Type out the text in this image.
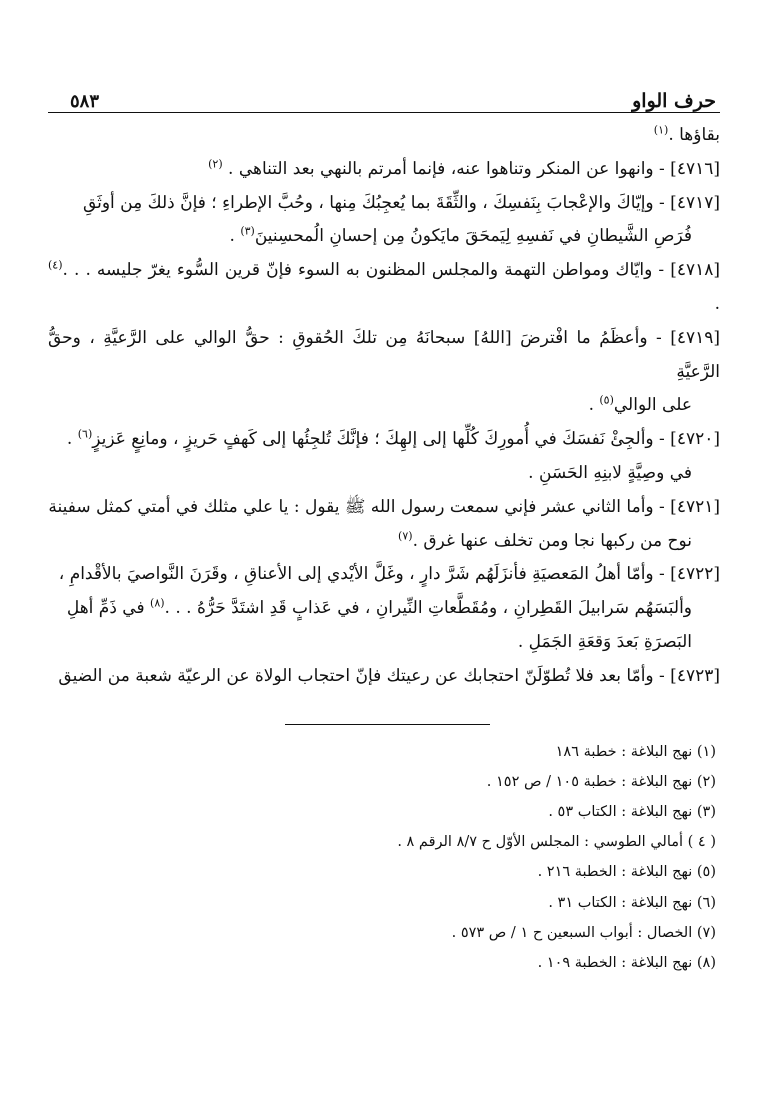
حرف الواو
٥٨٣

بقاؤها .$^{(١)}$

[٤٧١٦] - وانهوا عن المنكر وتناهوا عنه، فإنما أمرتم بالنهي بعد التناهي . $^{(٢)}$

[٤٧١٧] - وإيّاكَ والإعْجابَ بِنَفسِكَ ، والثِّقَةَ بما يُعجِبُكَ مِنها ، وحُبَّ الإطراءِ ؛ فإنَّ ذلكَ مِن أوثَقِ
فُرَصِ الشَّيطانِ في نَفسِهِ لِيَمحَقَ مايَكونُ مِن إحسانِ الُمحسِنينَ$^{(٣)}$ .

[٤٧١٨] - وايّاك ومواطن التهمة والمجلس المظنون به السوء فإنّ قرين السُّوء يغرّ جليسه . . .$^{(٤)}$ .

[٤٧١٩] - وأعظَمُ ما افْترضَ [اللهُ] سبحانَهُ مِن تلكَ الحُقوقِ : حقُّ الوالي على الرَّعيَّةِ ، وحقُّ الرَّعيَّةِ
على الوالي$^{(٥)}$ .

[٤٧٢٠] - وألجِئْ نَفسَكَ في أُمورِكَ كُلِّها إلى إلهِكَ ؛ فإنَّكَ تُلجِئُها إلى كَهفٍ حَريزٍ ، ومانِعٍ عَزيزٍ$^{(٦)}$ .
في وصِيَّةٍ لابنِهِ الحَسَنِ .

[٤٧٢١] - وأما الثاني عشر فإني سمعت رسول الله ﷺ يقول : يا علي مثلك في أمتي كمثل سفينة
نوح من ركبها نجا ومن تخلف عنها غرق .$^{(٧)}$

[٤٧٢٢] - وأمّا أهلُ المَعصيَةِ فأنزَلَهُم شَرَّ دارٍ ، وغَلَّ الأيْدي إلى الأعناقِ ، وقَرَنَ النَّواصيَ بالأقْدامِ ،
وألبَسَهُم سَرابيلَ القَطِرانِ ، ومُقَطَّعاتِ النِّيرانِ ، في عَذابٍ قَدِ اشتَدَّ حَرُّهُ . . .$^{(٨)}$ في ذَمِّ أهلِ
البَصرَةِ بَعدَ وَقعَةِ الجَمَلِ .

[٤٧٢٣] - وأمّا بعد فلا تُطوّلَنّ احتجابك عن رعيتك فإنّ احتجاب الولاة عن الرعيّة شعبة من الضيق

(١) نهج البلاغة : خطبة ١٨٦
(٢) نهج البلاغة : خطبة ١٠٥ / ص ١٥٢ .
(٣) نهج البلاغة : الكتاب ٥٣ .
( ٤ ) أمالي الطوسي : المجلس الأوّل ح ٨/٧ الرقم ٨ .
(٥) نهج البلاغة : الخطبة ٢١٦ .
(٦) نهج البلاغة : الكتاب ٣١ .
(٧) الخصال : أبواب السبعين ح ١ / ص ٥٧٣ .
(٨) نهج البلاغة : الخطبة ١٠٩ .
